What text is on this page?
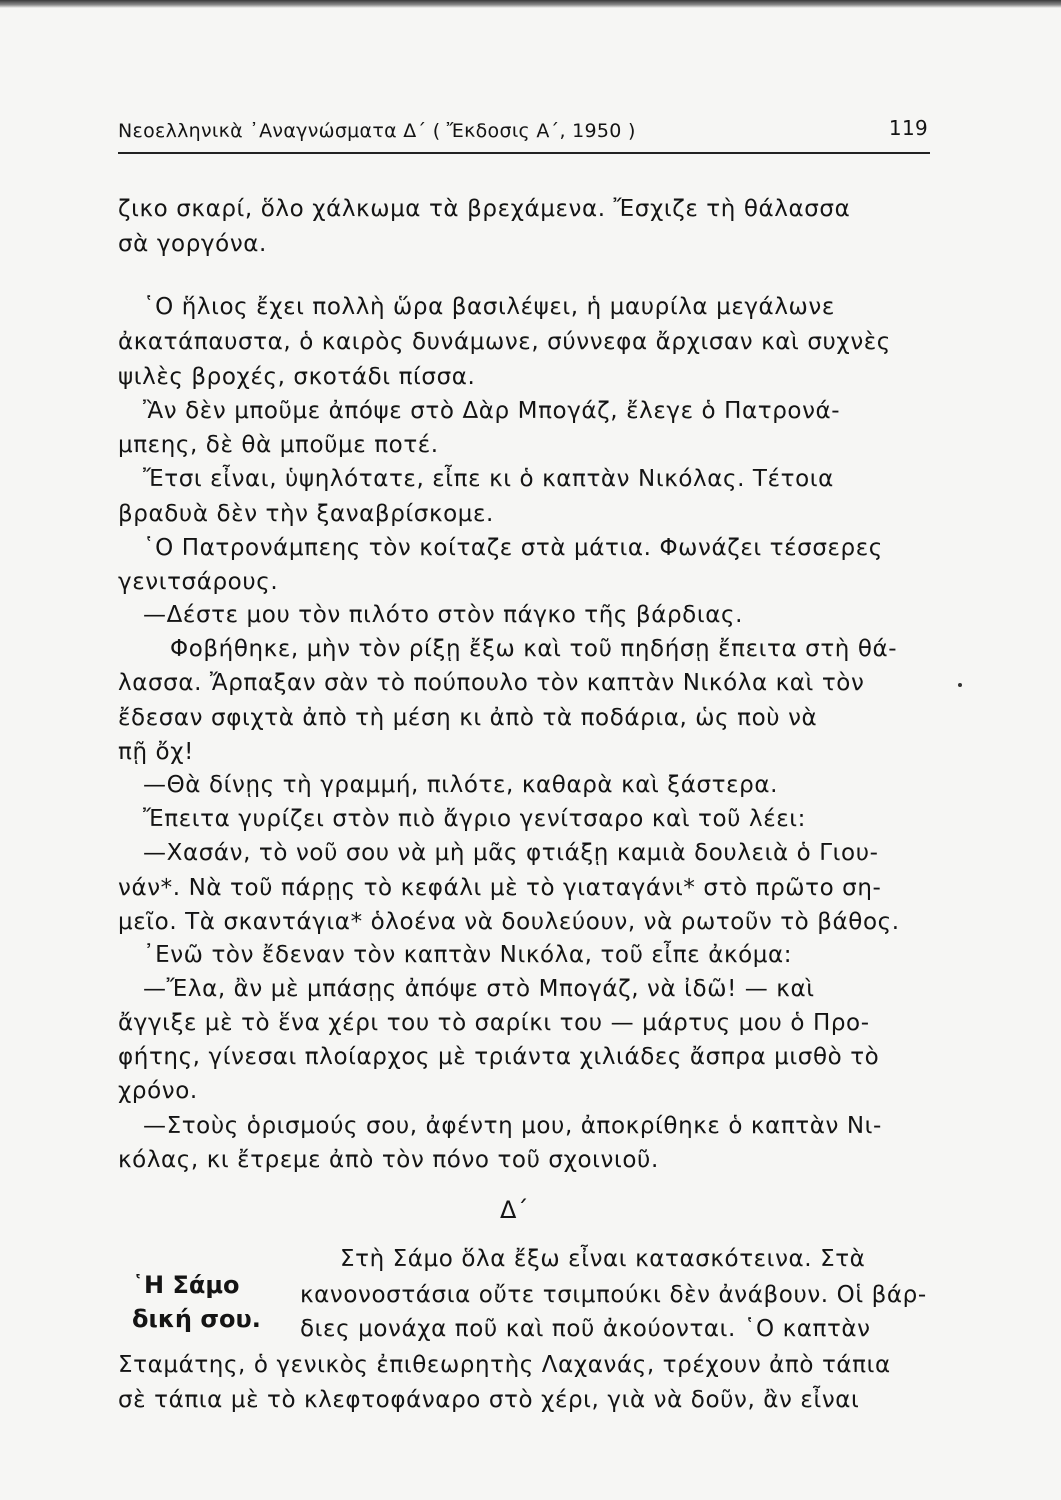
Νεοελληνικὰ ᾿Αναγνώσματα Δ΄ ( Ἔκδοσις Α΄, 1950 )	119
ζικο σκαρί, ὅλο χάλκωμα τὰ βρεχάμενα. Ἔσχιζε τὴ θάλασσα
σὰ γοργόνα.
῾Ο ἥλιος ἔχει πολλὴ ὥρα βασιλέψει, ἡ μαυρίλα μεγάλωνε
ἀκατάπαυστα, ὁ καιρὸς δυνάμωνε, σύννεφα ἄρχισαν καὶ συχνὲς
ψιλὲς βροχές, σκοτάδι πίσσα.
Ἂν δὲν μποῦμε ἀπόψε στὸ Δὰρ Μπογάζ, ἔλεγε ὁ Πατρονά-
μπεης, δὲ θὰ μποῦμε ποτέ.
Ἔτσι εἶναι, ὑψηλότατε, εἶπε κι ὁ καπτὰν Νικόλας. Τέτοια
βραδυὰ δὲν τὴν ξαναβρίσκομε.
῾Ο Πατρονάμπεης τὸν κοίταζε στὰ μάτια. Φωνάζει τέσσερες
γενιτσάρους.
—Δέστε μου τὸν πιλότο στὸν πάγκο τῆς βάρδιας.
Φοβήθηκε, μὴν τὸν ρίξῃ ἔξω καὶ τοῦ πηδήσῃ ἔπειτα στὴ θά-
λασσα. Ἄρπαξαν σὰν τὸ πούπουλο τὸν καπτὰν Νικόλα καὶ τὸν
ἔδεσαν σφιχτὰ ἀπὸ τὴ μέση κι ἀπὸ τὰ ποδάρια, ὡς ποὺ νὰ
πῇ ὄχ!
—Θὰ δίνῃς τὴ γραμμή, πιλότε, καθαρὰ καὶ ξάστερα.
Ἔπειτα γυρίζει στὸν πιὸ ἄγριο γενίτσαρο καὶ τοῦ λέει:
—Χασάν, τὸ νοῦ σου νὰ μὴ μᾶς φτιάξῃ καμιὰ δουλειὰ ὁ Γιου-
νάν*. Νὰ τοῦ πάρῃς τὸ κεφάλι μὲ τὸ γιαταγάνι* στὸ πρῶτο ση-
μεῖο. Τὰ σκαντάγια* ὁλοένα νὰ δουλεύουν, νὰ ρωτοῦν τὸ βάθος.
᾿Ενῶ τὸν ἔδεναν τὸν καπτὰν Νικόλα, τοῦ εἶπε ἀκόμα:
—Ἔλα, ἂν μὲ μπάσῃς ἀπόψε στὸ Μπογάζ, νὰ ἰδῶ! — καὶ
ἄγγιξε μὲ τὸ ἕνα χέρι του τὸ σαρίκι του — μάρτυς μου ὁ Προ-
φήτης, γίνεσαι πλοίαρχος μὲ τριάντα χιλιάδες ἄσπρα μισθὸ τὸ
χρόνο.
—Στοὺς ὁρισμούς σου, ἀφέντη μου, ἀποκρίθηκε ὁ καπτὰν Νι-
κόλας, κι ἔτρεμε ἀπὸ τὸν πόνο τοῦ σχοινιοῦ.
Δ΄
῾Η Σάμο
δική σου.
Στὴ Σάμο ὅλα ἔξω εἶναι κατασκότεινα. Στὰ
κανονοστάσια οὔτε τσιμπούκι δὲν ἀνάβουν. Οἱ βάρ-
διες μονάχα ποῦ καὶ ποῦ ἀκούονται. ῾Ο καπτὰν
Σταμάτης, ὁ γενικὸς ἐπιθεωρητὴς Λαχανάς, τρέχουν ἀπὸ τάπια
σὲ τάπια μὲ τὸ κλεφτοφάναρο στὸ χέρι, γιὰ νὰ δοῦν, ἂν εἶναι
